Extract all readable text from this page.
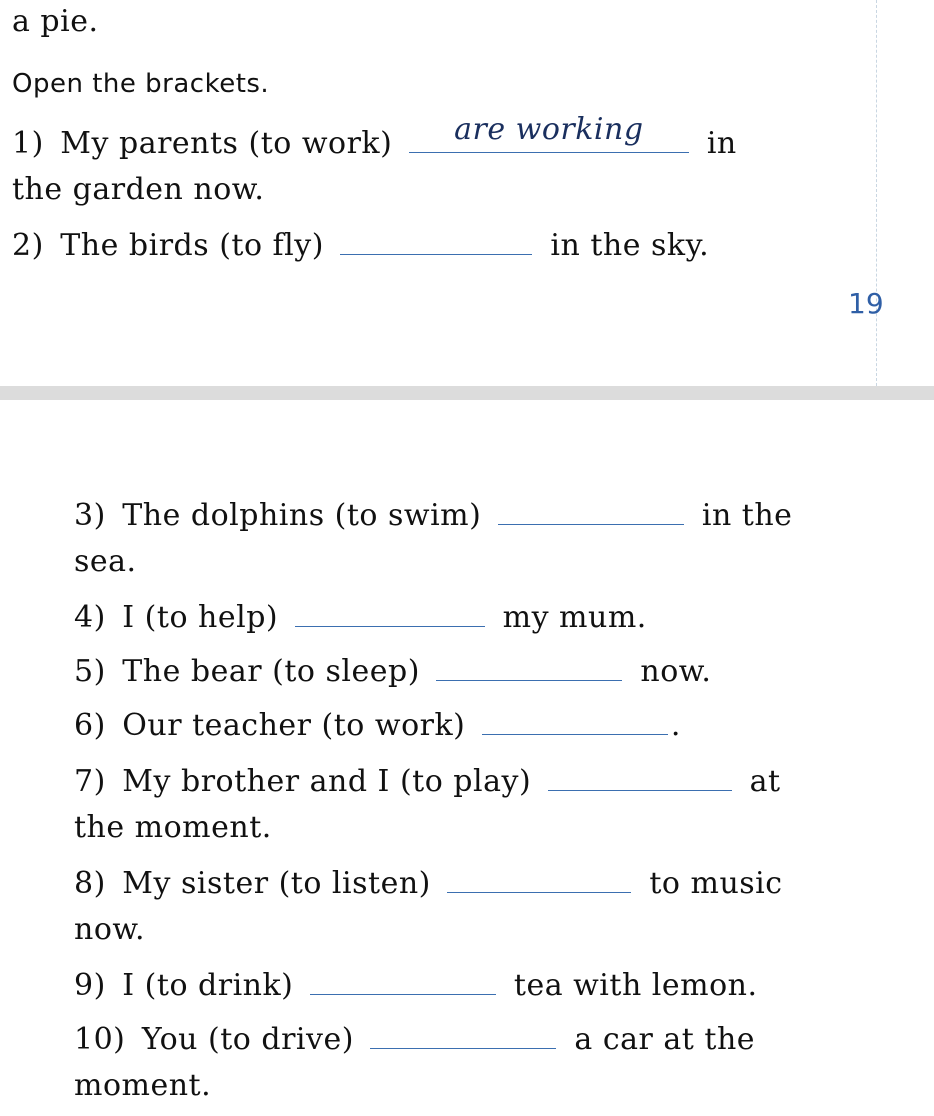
a pie.
Open the brackets.
1) My parents (to work)	are working	in
the garden now.
2) The birds (to fly)	in the sky.
19
3) The dolphins (to swim)	in the
sea.
4) I (to help)	my mum.
5) The bear (to sleep)	now.
6) Our teacher (to work)	.
7) My brother and I (to play)	at
the moment.
8) My sister (to listen)	to music
now.
9) I (to drink)	tea with lemon.
10) You (to drive)	a car at the
moment.
